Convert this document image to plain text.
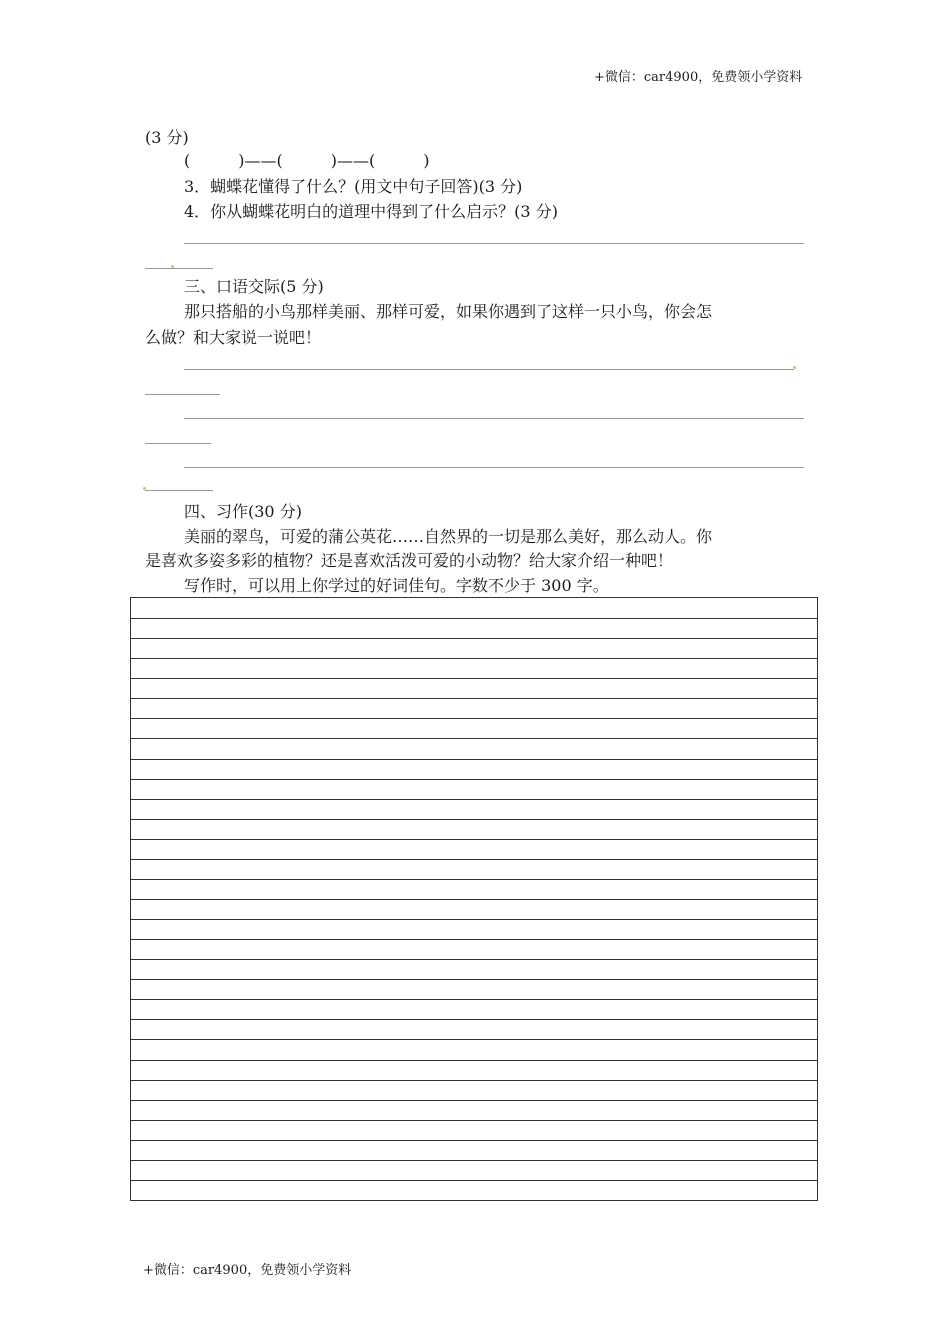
+微信：car4900，免费领小学资料
(3 分)
(　　　)——(　　　)——(　　　)
3．蝴蝶花懂得了什么？(用文中句子回答)(3 分)
4．你从蝴蝶花明白的道理中得到了什么启示？(3 分)
三、口语交际(5 分)
那只搭船的小鸟那样美丽、那样可爱，如果你遇到了这样一只小鸟，你会怎
么做？和大家说一说吧！
四、习作(30 分)
美丽的翠鸟，可爱的蒲公英花……自然界的一切是那么美好，那么动人。你
是喜欢多姿多彩的植物？还是喜欢活泼可爱的小动物？给大家介绍一种吧！
写作时，可以用上你学过的好词佳句。字数不少于 300 字。
+微信：car4900，免费领小学资料
